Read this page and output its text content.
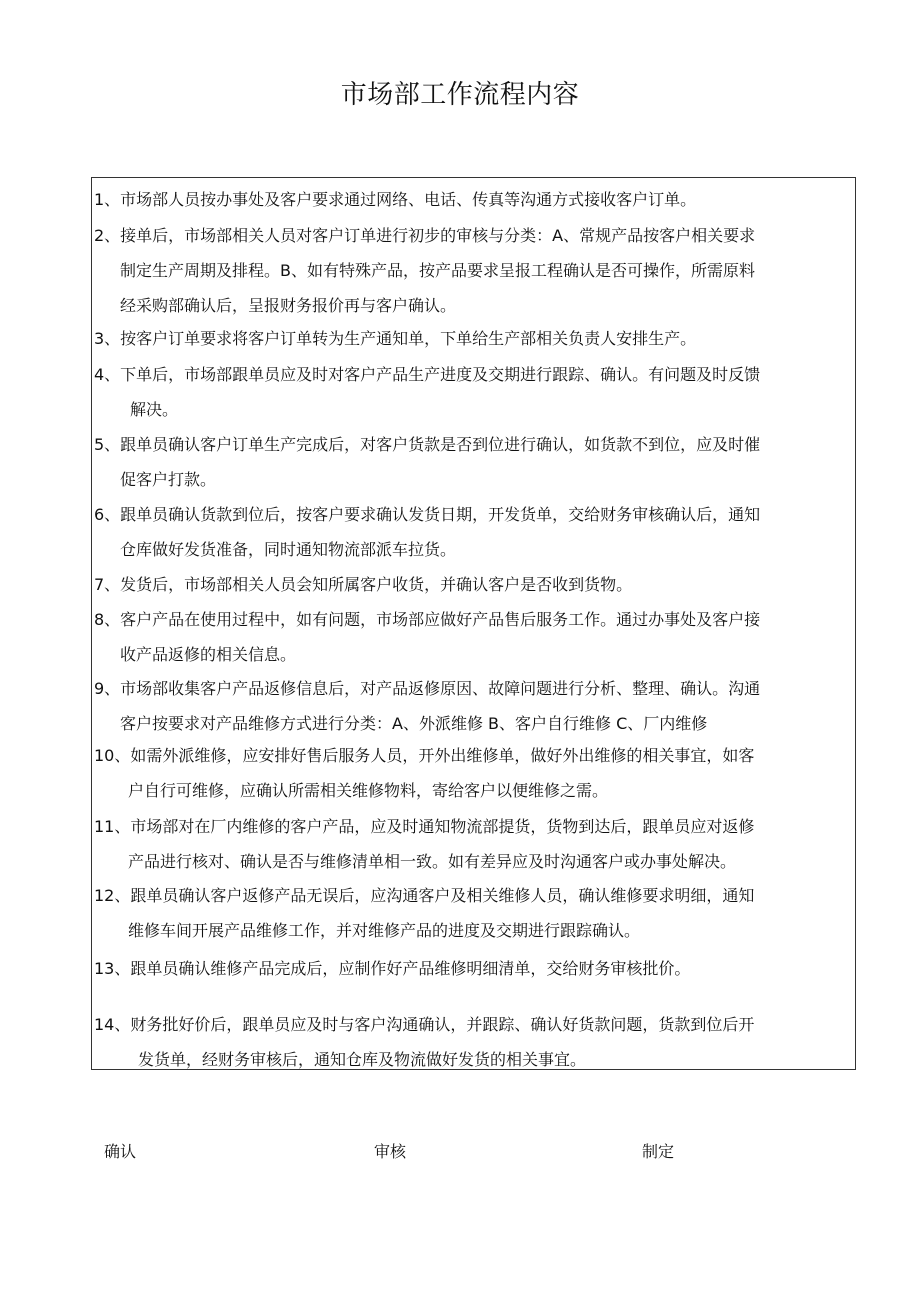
市场部工作流程内容
1、市场部人员按办事处及客户要求通过网络、电话、传真等沟通方式接收客户订单。
2、接单后，市场部相关人员对客户订单进行初步的审核与分类：A、常规产品按客户相关要求
制定生产周期及排程。B、如有特殊产品，按产品要求呈报工程确认是否可操作，所需原料
经采购部确认后，呈报财务报价再与客户确认。
3、按客户订单要求将客户订单转为生产通知单，下单给生产部相关负责人安排生产。
4、下单后，市场部跟单员应及时对客户产品生产进度及交期进行跟踪、确认。有问题及时反馈
解决。
5、跟单员确认客户订单生产完成后，对客户货款是否到位进行确认，如货款不到位，应及时催
促客户打款。
6、跟单员确认货款到位后，按客户要求确认发货日期，开发货单，交给财务审核确认后，通知
仓库做好发货准备，同时通知物流部派车拉货。
7、发货后，市场部相关人员会知所属客户收货，并确认客户是否收到货物。
8、客户产品在使用过程中，如有问题，市场部应做好产品售后服务工作。通过办事处及客户接
收产品返修的相关信息。
9、市场部收集客户产品返修信息后，对产品返修原因、故障问题进行分析、整理、确认。沟通
客户按要求对产品维修方式进行分类：A、外派维修 B、客户自行维修 C、厂内维修
10、如需外派维修，应安排好售后服务人员，开外出维修单，做好外出维修的相关事宜，如客
户自行可维修，应确认所需相关维修物料，寄给客户以便维修之需。
11、市场部对在厂内维修的客户产品，应及时通知物流部提货，货物到达后，跟单员应对返修
产品进行核对、确认是否与维修清单相一致。如有差异应及时沟通客户或办事处解决。
12、跟单员确认客户返修产品无误后，应沟通客户及相关维修人员，确认维修要求明细，通知
维修车间开展产品维修工作，并对维修产品的进度及交期进行跟踪确认。
13、跟单员确认维修产品完成后，应制作好产品维修明细清单，交给财务审核批价。
14、财务批好价后，跟单员应及时与客户沟通确认，并跟踪、确认好货款问题，货款到位后开
发货单，经财务审核后，通知仓库及物流做好发货的相关事宜。
确认	审核	制定
